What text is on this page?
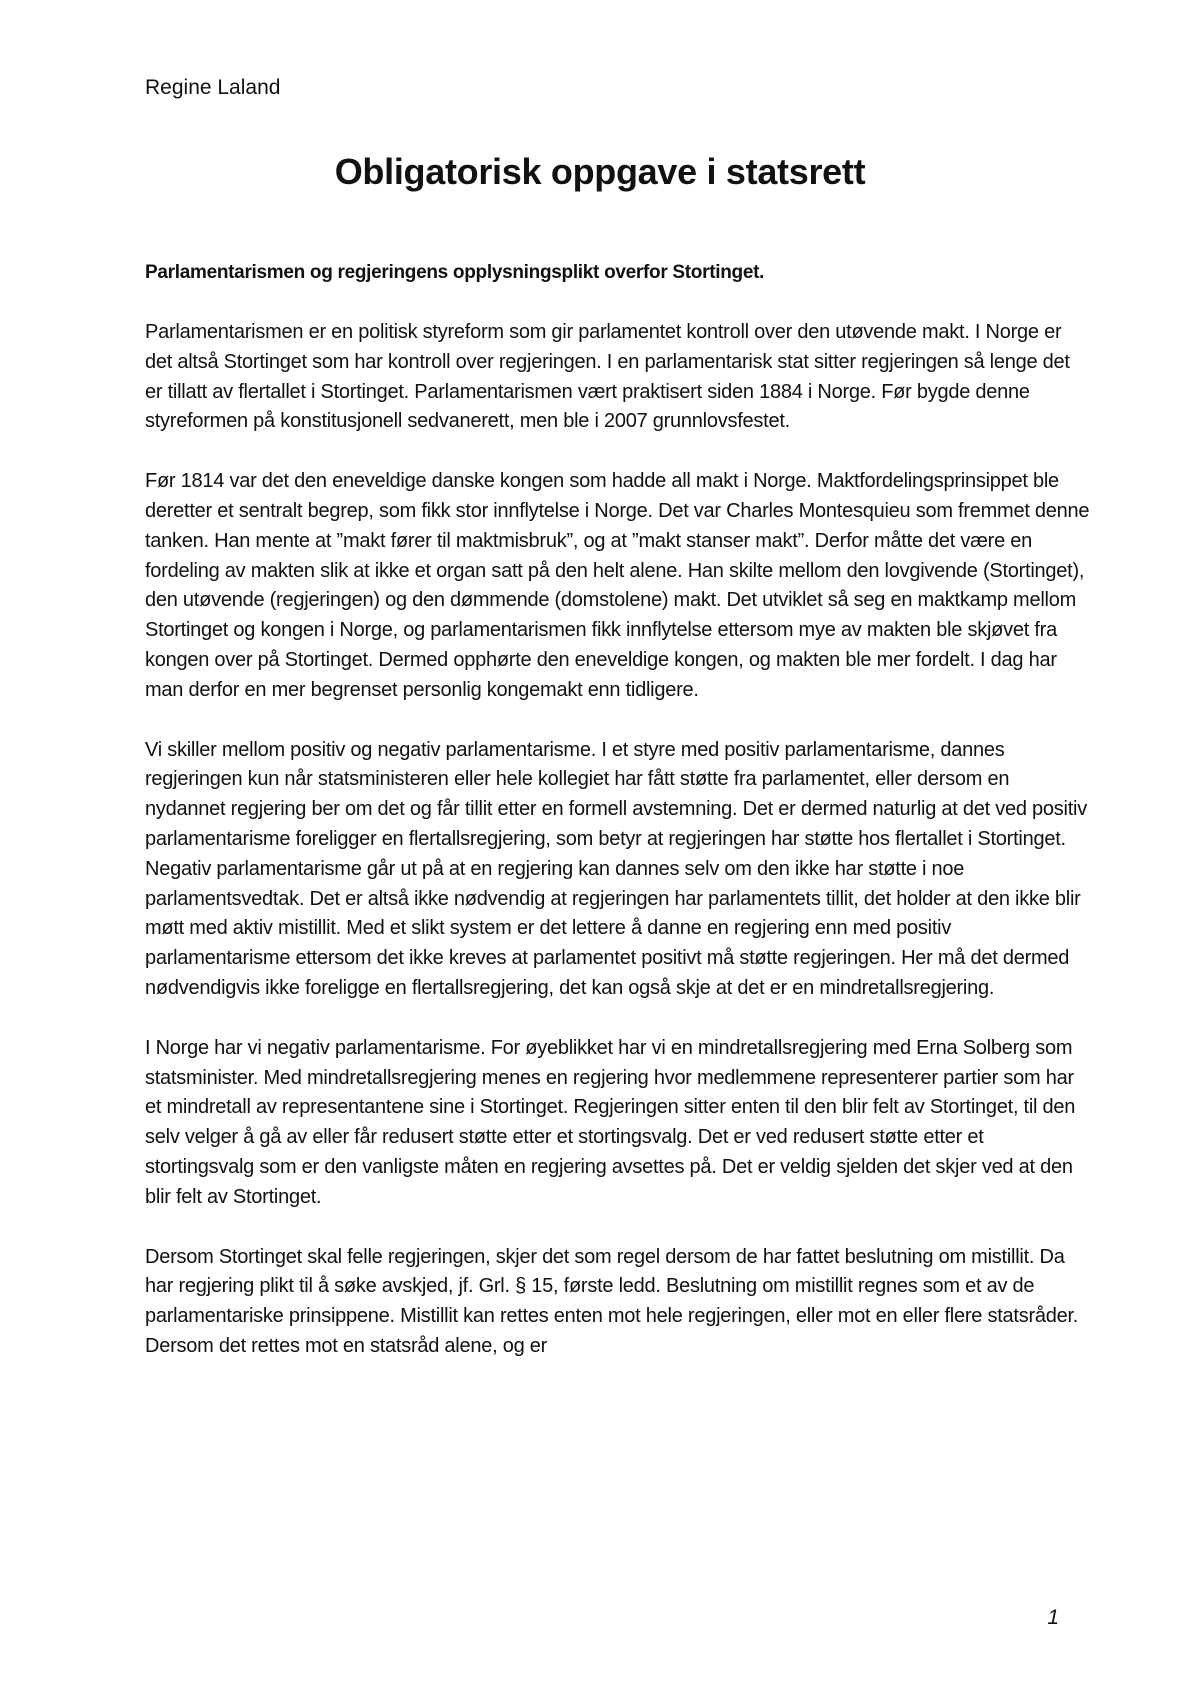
Regine Laland

Obligatorisk oppgave i statsrett

Parlamentarismen og regjeringens opplysningsplikt overfor Stortinget.

Parlamentarismen er en politisk styreform som gir parlamentet kontroll over den utøvende makt. I Norge er det altså Stortinget som har kontroll over regjeringen. I en parlamentarisk stat sitter regjeringen så lenge det er tillatt av flertallet i Stortinget. Parlamentarismen vært praktisert siden 1884 i Norge. Før bygde denne styreformen på konstitusjonell sedvanerett, men ble i 2007 grunnlovsfestet.

Før 1814 var det den eneveldige danske kongen som hadde all makt i Norge. Maktfordelingsprinsippet ble deretter et sentralt begrep, som fikk stor innflytelse i Norge. Det var Charles Montesquieu som fremmet denne tanken. Han mente at ”makt fører til maktmisbruk”, og at ”makt stanser makt”. Derfor måtte det være en fordeling av makten slik at ikke et organ satt på den helt alene. Han skilte mellom den lovgivende (Stortinget), den utøvende (regjeringen) og den dømmende (domstolene) makt. Det utviklet så seg en maktkamp mellom Stortinget og kongen i Norge, og parlamentarismen fikk innflytelse ettersom mye av makten ble skjøvet fra kongen over på Stortinget. Dermed opphørte den eneveldige kongen, og makten ble mer fordelt. I dag har man derfor en mer begrenset personlig kongemakt enn tidligere.

Vi skiller mellom positiv og negativ parlamentarisme. I et styre med positiv parlamentarisme, dannes regjeringen kun når statsministeren eller hele kollegiet har fått støtte fra parlamentet, eller dersom en nydannet regjering ber om det og får tillit etter en formell avstemning. Det er dermed naturlig at det ved positiv parlamentarisme foreligger en flertallsregjering, som betyr at regjeringen har støtte hos flertallet i Stortinget. Negativ parlamentarisme går ut på at en regjering kan dannes selv om den ikke har støtte i noe parlamentsvedtak. Det er altså ikke nødvendig at regjeringen har parlamentets tillit, det holder at den ikke blir møtt med aktiv mistillit. Med et slikt system er det lettere å danne en regjering enn med positiv parlamentarisme ettersom det ikke kreves at parlamentet positivt må støtte regjeringen. Her må det dermed nødvendigvis ikke foreligge en flertallsregjering, det kan også skje at det er en mindretallsregjering.

I Norge har vi negativ parlamentarisme. For øyeblikket har vi en mindretallsregjering med Erna Solberg som statsminister. Med mindretallsregjering menes en regjering hvor medlemmene representerer partier som har et mindretall av representantene sine i Stortinget. Regjeringen sitter enten til den blir felt av Stortinget, til den selv velger å gå av eller får redusert støtte etter et stortingsvalg. Det er ved redusert støtte etter et stortingsvalg som er den vanligste måten en regjering avsettes på. Det er veldig sjelden det skjer ved at den blir felt av Stortinget.

Dersom Stortinget skal felle regjeringen, skjer det som regel dersom de har fattet beslutning om mistillit. Da har regjering plikt til å søke avskjed, jf. Grl. § 15, første ledd. Beslutning om mistillit regnes som et av de parlamentariske prinsippene. Mistillit kan rettes enten mot hele regjeringen, eller mot en eller flere statsråder. Dersom det rettes mot en statsråd alene, og er

1
